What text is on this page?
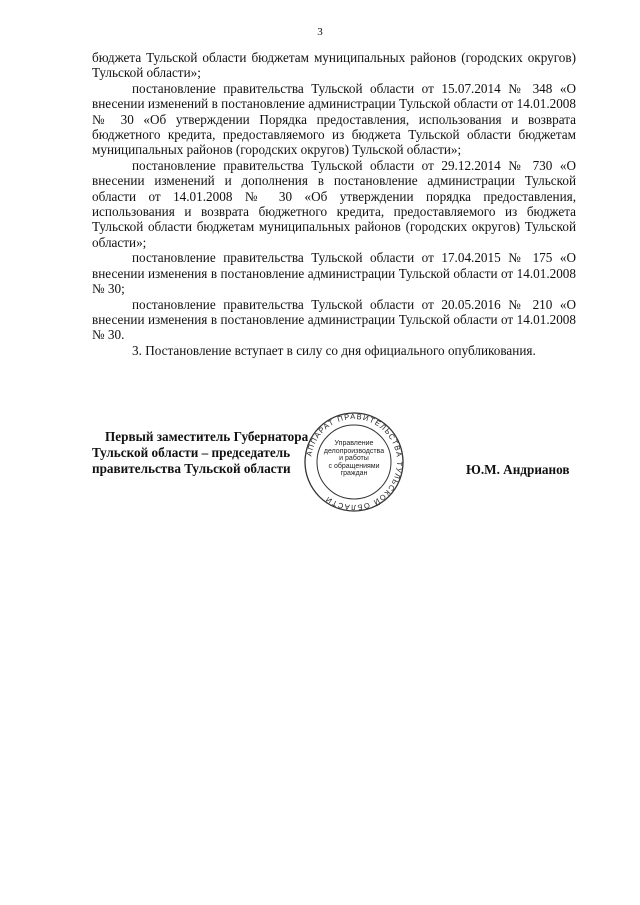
3

бюджета Тульской области бюджетам муниципальных районов (городских округов) Тульской области»;

постановление правительства Тульской области от 15.07.2014 № 348 «О внесении изменений в постановление администрации Тульской области от 14.01.2008 № 30 «Об утверждении Порядка предоставления, использования и возврата бюджетного кредита, предоставляемого из бюджета Тульской области бюджетам муниципальных районов (городских округов) Тульской области»;

постановление правительства Тульской области от 29.12.2014 № 730 «О внесении изменений и дополнения в постановление администрации Тульской области от 14.01.2008 № 30 «Об утверждении порядка предоставления, использования и возврата бюджетного кредита, предоставляемого из бюджета Тульской области бюджетам муниципальных районов (городских округов) Тульской области»;

постановление правительства Тульской области от 17.04.2015 № 175 «О внесении изменения в постановление администрации Тульской области от 14.01.2008 № 30;

постановление правительства Тульской области от 20.05.2016 № 210 «О внесении изменения в постановление администрации Тульской области от 14.01.2008 № 30.

3. Постановление вступает в силу со дня официального опубликования.

Первый заместитель Губернатора
Тульской области – председатель
правительства Тульской области	Ю.М. Андрианов
АППАРАТ ПРАВИТЕЛЬСТВА ТУЛЬСКОЙ ОБЛАСТИ
Управление
делопроизводства
и работы
с обращениями
граждан
